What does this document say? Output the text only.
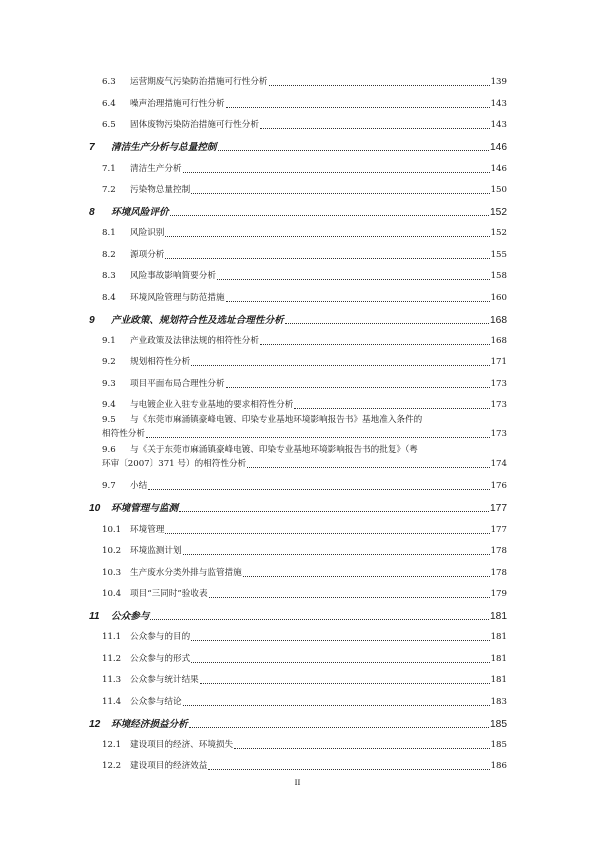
6.3	运营期废气污染防治措施可行性分析	139
6.4	噪声治理措施可行性分析	143
6.5	固体废物污染防治措施可行性分析	143
7	清洁生产分析与总量控制	146
7.1	清洁生产分析	146
7.2	污染物总量控制	150
8	环境风险评价	152
8.1	风险识别	152
8.2	源项分析	155
8.3	风险事故影响简要分析	158
8.4	环境风险管理与防范措施	160
9	产业政策、规划符合性及选址合理性分析	168
9.1	产业政策及法律法规的相符性分析	168
9.2	规划相符性分析	171
9.3	项目平面布局合理性分析	173
9.4	与电镀企业入驻专业基地的要求相符性分析	173
9.5	与《东莞市麻涌镇豪峰电镀、印染专业基地环境影响报告书》基地准入条件的
相符性分析	173
9.6	与《关于东莞市麻涌镇豪峰电镀、印染专业基地环境影响报告书的批复》（粤
环审〔2007〕371 号）的相符性分析	174
9.7	小结	176
10	环境管理与监测	177
10.1	环境管理	177
10.2	环境监测计划	178
10.3	生产废水分类外排与监管措施	178
10.4	项目“三同时”验收表	179
11	公众参与	181
11.1	公众参与的目的	181
11.2	公众参与的形式	181
11.3	公众参与统计结果	181
11.4	公众参与结论	183
12	环境经济损益分析	185
12.1	建设项目的经济、环境损失	185
12.2	建设项目的经济效益	186
II
